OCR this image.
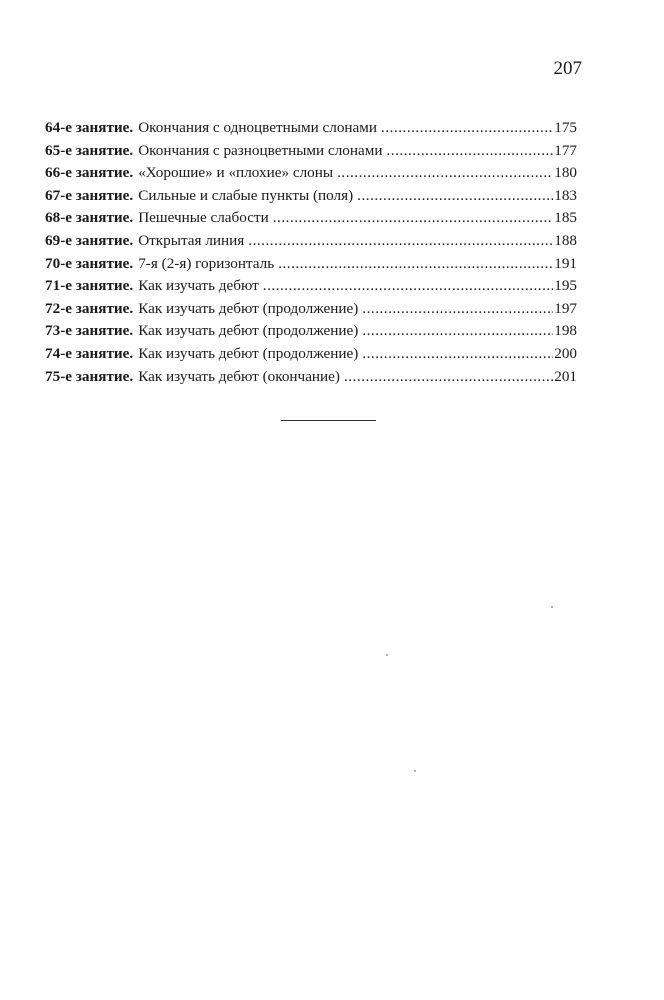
207
64-е занятие. Окончания с одноцветными слонами .....	175
65-е занятие. Окончания с разноцветными слонами .....	177
66-е занятие. «Хорошие» и «плохие» слоны .....	180
67-е занятие. Сильные и слабые пункты (поля) .....	183
68-е занятие. Пешечные слабости .....	185
69-е занятие. Открытая линия .....	188
70-е занятие. 7-я (2-я) горизонталь .....	191
71-е занятие. Как изучать дебют .....	195
72-е занятие. Как изучать дебют (продолжение) .....	197
73-е занятие. Как изучать дебют (продолжение) .....	198
74-е занятие. Как изучать дебют (продолжение) .....	200
75-е занятие. Как изучать дебют (окончание) .....	201
